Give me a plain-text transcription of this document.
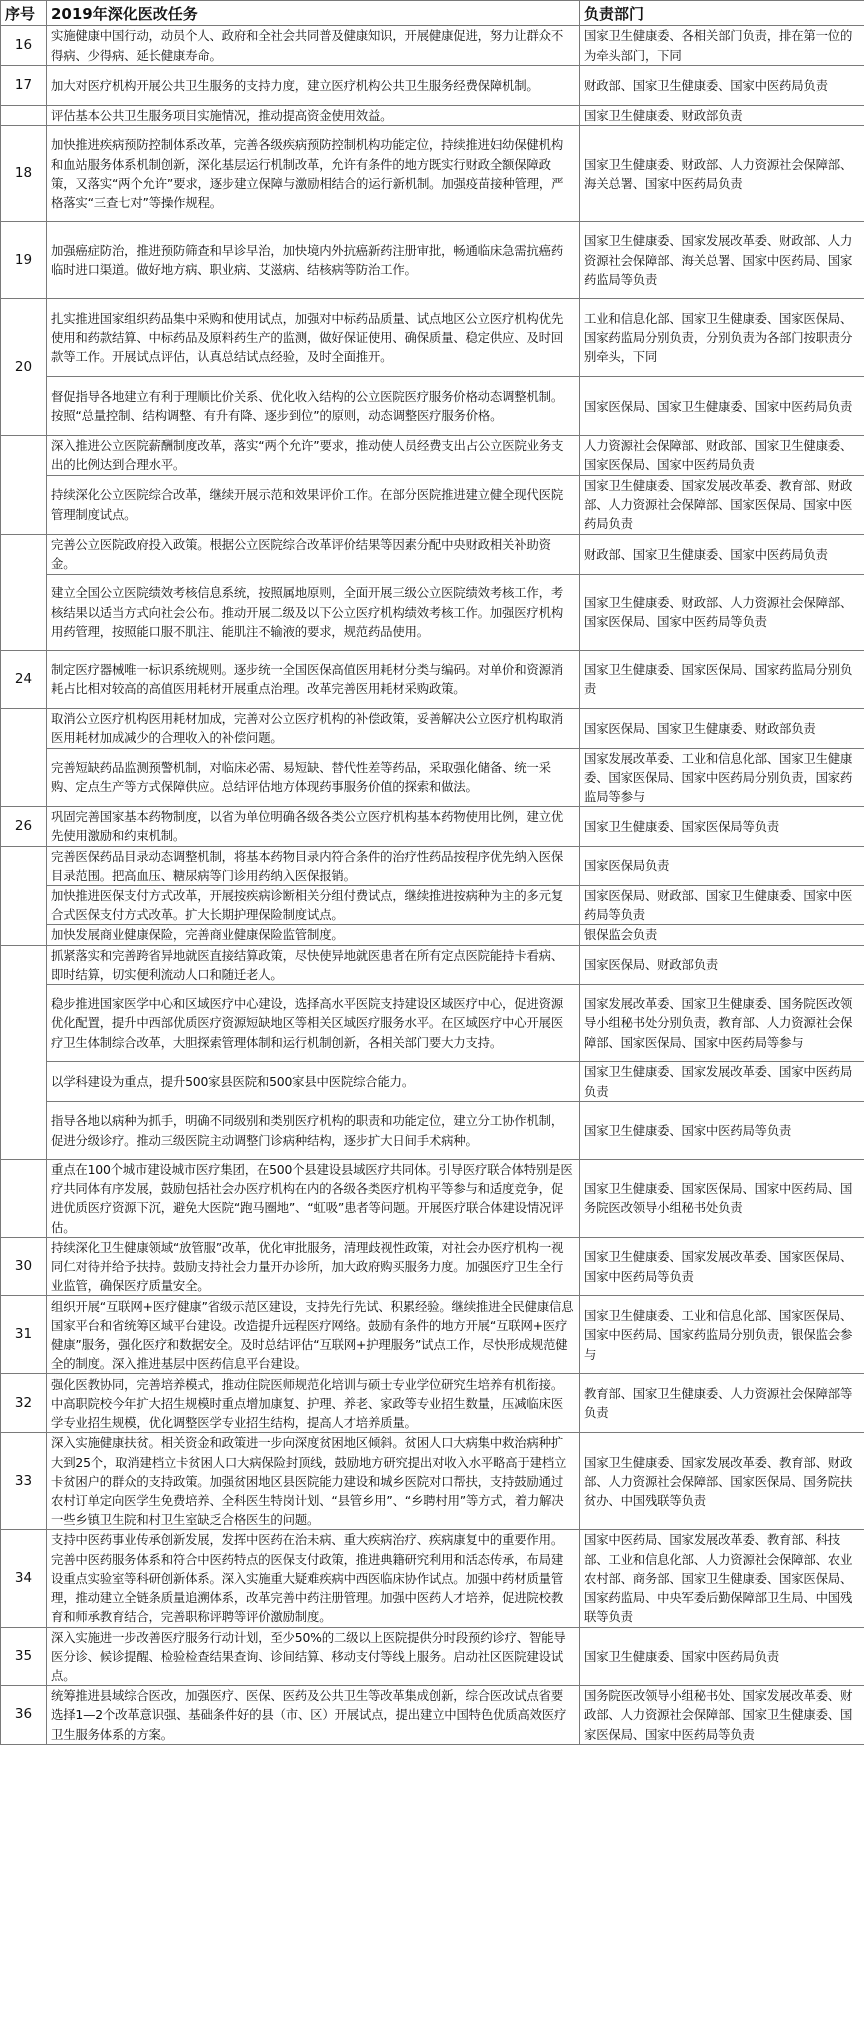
序号	2019年深化医改任务	负责部门
16	实施健康中国行动，动员个人、政府和全社会共同普及健康知识，开展健康促进，努力让群众不得病、少得病、延长健康寿命。	国家卫生健康委、各相关部门负责，排在第一位的为牵头部门，下同
17	加大对医疗机构开展公共卫生服务的支持力度，建立医疗机构公共卫生服务经费保障机制。	财政部、国家卫生健康委、国家中医药局负责
	评估基本公共卫生服务项目实施情况，推动提高资金使用效益。	国家卫生健康委、财政部负责
18	加快推进疾病预防控制体系改革，完善各级疾病预防控制机构功能定位，持续推进妇幼保健机构和血站服务体系机制创新，深化基层运行机制改革，允许有条件的地方既实行财政全额保障政策，又落实“两个允许”要求，逐步建立保障与激励相结合的运行新机制。加强疫苗接种管理，严格落实“三查七对”等操作规程。	国家卫生健康委、财政部、人力资源社会保障部、海关总署、国家中医药局负责
19	加强癌症防治，推进预防筛查和早诊早治，加快境内外抗癌新药注册审批，畅通临床急需抗癌药临时进口渠道。做好地方病、职业病、艾滋病、结核病等防治工作。	国家卫生健康委、国家发展改革委、财政部、人力资源社会保障部、海关总署、国家中医药局、国家药监局等负责
20	扎实推进国家组织药品集中采购和使用试点，加强对中标药品质量、试点地区公立医疗机构优先使用和药款结算、中标药品及原料药生产的监测，做好保证使用、确保质量、稳定供应、及时回款等工作。开展试点评估，认真总结试点经验，及时全面推开。	工业和信息化部、国家卫生健康委、国家医保局、国家药监局分别负责，分别负责为各部门按职责分别牵头，下同
	督促指导各地建立有利于理顺比价关系、优化收入结构的公立医院医疗服务价格动态调整机制。按照“总量控制、结构调整、有升有降、逐步到位”的原则，动态调整医疗服务价格。	国家医保局、国家卫生健康委、国家中医药局负责
	深入推进公立医院薪酬制度改革，落实“两个允许”要求，推动使人员经费支出占公立医院业务支出的比例达到合理水平。	人力资源社会保障部、财政部、国家卫生健康委、国家医保局、国家中医药局负责
	持续深化公立医院综合改革，继续开展示范和效果评价工作。在部分医院推进建立健全现代医院管理制度试点。	国家卫生健康委、国家发展改革委、教育部、财政部、人力资源社会保障部、国家医保局、国家中医药局负责
	完善公立医院政府投入政策。根据公立医院综合改革评价结果等因素分配中央财政相关补助资金。	财政部、国家卫生健康委、国家中医药局负责
	建立全国公立医院绩效考核信息系统，按照属地原则，全面开展三级公立医院绩效考核工作，考核结果以适当方式向社会公布。推动开展二级及以下公立医疗机构绩效考核工作。加强医疗机构用药管理，按照能口服不肌注、能肌注不输液的要求，规范药品使用。	国家卫生健康委、财政部、人力资源社会保障部、国家医保局、国家中医药局等负责
24	制定医疗器械唯一标识系统规则。逐步统一全国医保高值医用耗材分类与编码。对单价和资源消耗占比相对较高的高值医用耗材开展重点治理。改革完善医用耗材采购政策。	国家卫生健康委、国家医保局、国家药监局分别负责
	取消公立医疗机构医用耗材加成，完善对公立医疗机构的补偿政策，妥善解决公立医疗机构取消医用耗材加成减少的合理收入的补偿问题。	国家医保局、国家卫生健康委、财政部负责
	完善短缺药品监测预警机制，对临床必需、易短缺、替代性差等药品，采取强化储备、统一采购、定点生产等方式保障供应。总结评估地方体现药事服务价值的探索和做法。	国家发展改革委、工业和信息化部、国家卫生健康委、国家医保局、国家中医药局分别负责，国家药监局等参与
26	巩固完善国家基本药物制度，以省为单位明确各级各类公立医疗机构基本药物使用比例，建立优先使用激励和约束机制。	国家卫生健康委、国家医保局等负责
	完善医保药品目录动态调整机制，将基本药物目录内符合条件的治疗性药品按程序优先纳入医保目录范围。把高血压、糖尿病等门诊用药纳入医保报销。	国家医保局负责
	加快推进医保支付方式改革，开展按疾病诊断相关分组付费试点，继续推进按病种为主的多元复合式医保支付方式改革。扩大长期护理保险制度试点。	国家医保局、财政部、国家卫生健康委、国家中医药局等负责
	加快发展商业健康保险，完善商业健康保险监管制度。	银保监会负责
	抓紧落实和完善跨省异地就医直接结算政策，尽快使异地就医患者在所有定点医院能持卡看病、即时结算，切实便利流动人口和随迁老人。	国家医保局、财政部负责
	稳步推进国家医学中心和区域医疗中心建设，选择高水平医院支持建设区域医疗中心，促进资源优化配置，提升中西部优质医疗资源短缺地区等相关区域医疗服务水平。在区域医疗中心开展医疗卫生体制综合改革，大胆探索管理体制和运行机制创新，各相关部门要大力支持。	国家发展改革委、国家卫生健康委、国务院医改领导小组秘书处分别负责，教育部、人力资源社会保障部、国家医保局、国家中医药局等参与
	以学科建设为重点，提升500家县医院和500家县中医院综合能力。	国家卫生健康委、国家发展改革委、国家中医药局负责
	指导各地以病种为抓手，明确不同级别和类别医疗机构的职责和功能定位，建立分工协作机制，促进分级诊疗。推动三级医院主动调整门诊病种结构，逐步扩大日间手术病种。	国家卫生健康委、国家中医药局等负责
	重点在100个城市建设城市医疗集团，在500个县建设县域医疗共同体。引导医疗联合体特别是医疗共同体有序发展，鼓励包括社会办医疗机构在内的各级各类医疗机构平等参与和适度竞争，促进优质医疗资源下沉，避免大医院“跑马圈地”、“虹吸”患者等问题。开展医疗联合体建设情况评估。	国家卫生健康委、国家医保局、国家中医药局、国务院医改领导小组秘书处负责
30	持续深化卫生健康领域“放管服”改革，优化审批服务，清理歧视性政策，对社会办医疗机构一视同仁对待并给予扶持。鼓励支持社会力量开办诊所，加大政府购买服务力度。加强医疗卫生全行业监管，确保医疗质量安全。	国家卫生健康委、国家发展改革委、国家医保局、国家中医药局等负责
31	组织开展“互联网+医疗健康”省级示范区建设，支持先行先试、积累经验。继续推进全民健康信息国家平台和省统筹区域平台建设。改造提升远程医疗网络。鼓励有条件的地方开展“互联网+医疗健康”服务，强化医疗和数据安全。及时总结评估“互联网+护理服务”试点工作，尽快形成规范健全的制度。深入推进基层中医药信息平台建设。	国家卫生健康委、工业和信息化部、国家医保局、国家中医药局、国家药监局分别负责，银保监会参与
32	强化医教协同，完善培养模式，推动住院医师规范化培训与硕士专业学位研究生培养有机衔接。中高职院校今年扩大招生规模时重点增加康复、护理、养老、家政等专业招生数量，压减临床医学专业招生规模，优化调整医学专业招生结构，提高人才培养质量。	教育部、国家卫生健康委、人力资源社会保障部等负责
33	深入实施健康扶贫。相关资金和政策进一步向深度贫困地区倾斜。贫困人口大病集中救治病种扩大到25个，取消建档立卡贫困人口大病保险封顶线，鼓励地方研究提出对收入水平略高于建档立卡贫困户的群众的支持政策。加强贫困地区县医院能力建设和城乡医院对口帮扶，支持鼓励通过农村订单定向医学生免费培养、全科医生特岗计划、“县管乡用”、“乡聘村用”等方式，着力解决一些乡镇卫生院和村卫生室缺乏合格医生的问题。	国家卫生健康委、国家发展改革委、教育部、财政部、人力资源社会保障部、国家医保局、国务院扶贫办、中国残联等负责
34	支持中医药事业传承创新发展，发挥中医药在治未病、重大疾病治疗、疾病康复中的重要作用。完善中医药服务体系和符合中医药特点的医保支付政策，推进典籍研究利用和活态传承，布局建设重点实验室等科研创新体系。深入实施重大疑难疾病中西医临床协作试点。加强中药材质量管理，推动建立全链条质量追溯体系，改革完善中药注册管理。加强中医药人才培养，促进院校教育和师承教育结合，完善职称评聘等评价激励制度。	国家中医药局、国家发展改革委、教育部、科技部、工业和信息化部、人力资源社会保障部、农业农村部、商务部、国家卫生健康委、国家医保局、国家药监局、中央军委后勤保障部卫生局、中国残联等负责
35	深入实施进一步改善医疗服务行动计划，至少50%的二级以上医院提供分时段预约诊疗、智能导医分诊、候诊提醒、检验检查结果查询、诊间结算、移动支付等线上服务。启动社区医院建设试点。	国家卫生健康委、国家中医药局负责
36	统筹推进县域综合医改，加强医疗、医保、医药及公共卫生等改革集成创新，综合医改试点省要选择1—2个改革意识强、基础条件好的县（市、区）开展试点，提出建立中国特色优质高效医疗卫生服务体系的方案。	国务院医改领导小组秘书处、国家发展改革委、财政部、人力资源社会保障部、国家卫生健康委、国家医保局、国家中医药局等负责
